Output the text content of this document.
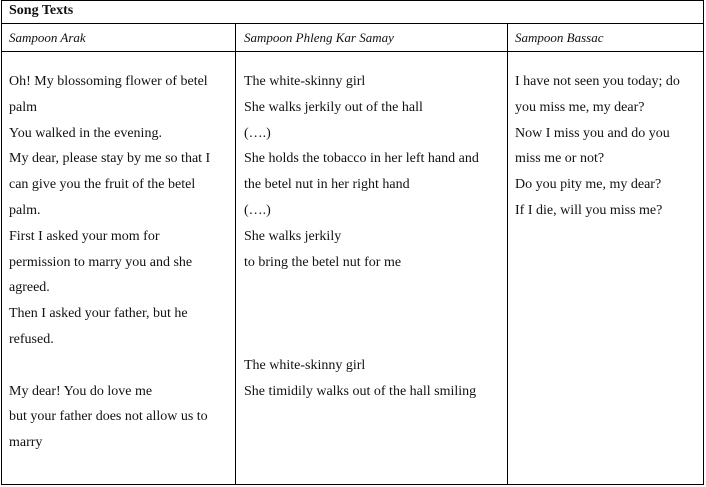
Song Texts
Sampoon Arak	Sampoon Phleng Kar Samay	Sampoon Bassac
Oh! My blossoming flower of betel
palm
You walked in the evening.
My dear, please stay by me so that I
can give you the fruit of the betel
palm.
First I asked your mom for
permission to marry you and she
agreed.
Then I asked your father, but he
refused.
My dear! You do love me
but your father does not allow us to
marry
The white-skinny girl
She walks jerkily out of the hall
(….)
She holds the tobacco in her left hand and
the betel nut in her right hand
(….)
She walks jerkily
to bring the betel nut for me
The white-skinny girl
She timidily walks out of the hall smiling
I have not seen you today; do
you miss me, my dear?
Now I miss you and do you
miss me or not?
Do you pity me, my dear?
If I die, will you miss me?
